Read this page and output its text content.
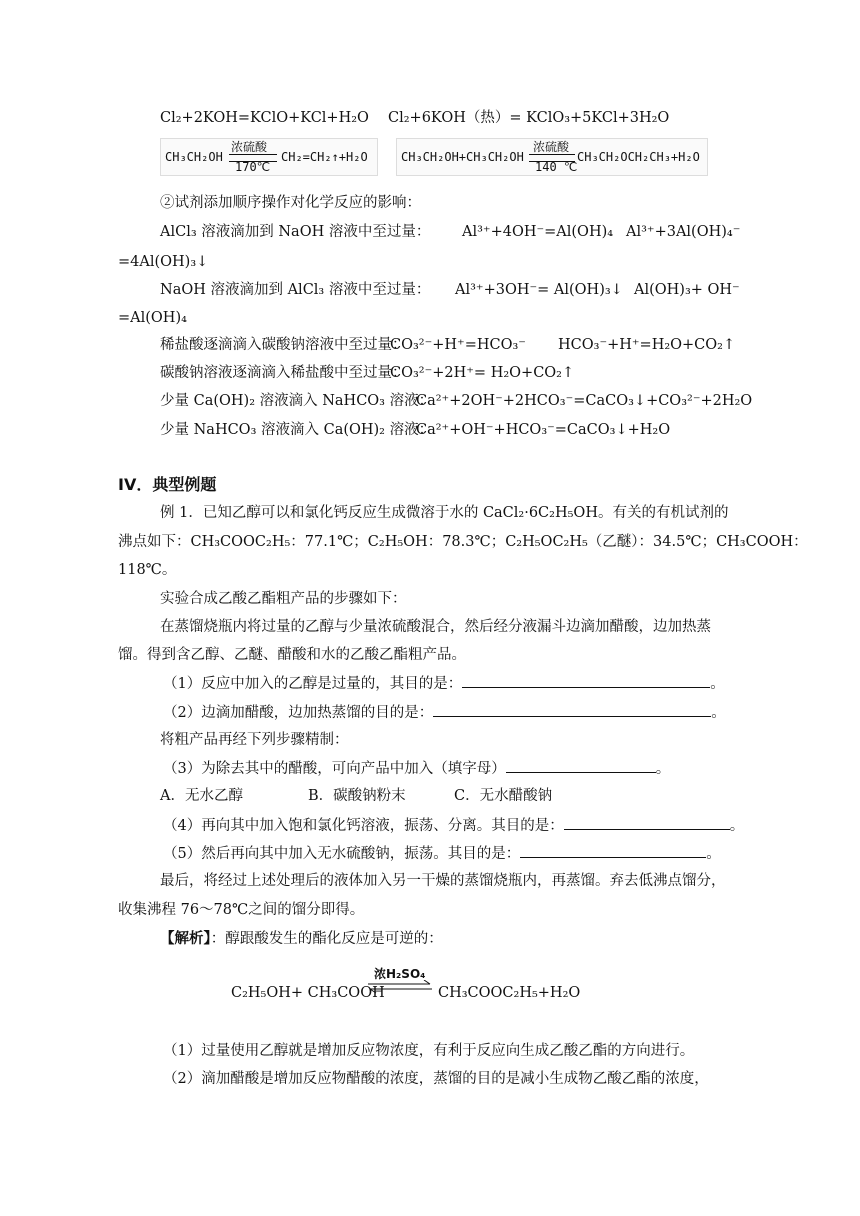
Cl₂+2KOH=KClO+KCl+H₂O Cl₂+6KOH（热）= KClO₃+5KCl+3H₂O
CH₃CH₂OH
浓硫酸
170℃
CH₂=CH₂↑+H₂O	CH₃CH₂OH+CH₃CH₂OH
浓硫酸
140 ℃
CH₃CH₂OCH₂CH₃+H₂O
②试剂添加顺序操作对化学反应的影响：
AlCl₃ 溶液滴加到 NaOH 溶液中至过量： Al³⁺+4OH⁻=Al(OH)₄ Al³⁺+3Al(OH)₄⁻
=4Al(OH)₃↓
NaOH 溶液滴加到 AlCl₃ 溶液中至过量： Al³⁺+3OH⁻= Al(OH)₃↓ Al(OH)₃+ OH⁻
=Al(OH)₄
稀盐酸逐滴滴入碳酸钠溶液中至过量：
CO₃²⁻+H⁺=HCO₃⁻ HCO₃⁻+H⁺=H₂O+CO₂↑
碳酸钠溶液逐滴滴入稀盐酸中至过量：
CO₃²⁻+2H⁺= H₂O+CO₂↑
少量 Ca(OH)₂ 溶液滴入 NaHCO₃ 溶液：
Ca²⁺+2OH⁻+2HCO₃⁻=CaCO₃↓+CO₃²⁻+2H₂O
少量 NaHCO₃ 溶液滴入 Ca(OH)₂ 溶液：
Ca²⁺+OH⁻+HCO₃⁻=CaCO₃↓+H₂O
IV．典型例题
例 1．已知乙醇可以和氯化钙反应生成微溶于水的 CaCl₂·6C₂H₅OH。有关的有机试剂的
沸点如下：CH₃COOC₂H₅：77.1℃；C₂H₅OH：78.3℃；C₂H₅OC₂H₅（乙醚）：34.5℃；CH₃COOH：
118℃。
实验合成乙酸乙酯粗产品的步骤如下：
在蒸馏烧瓶内将过量的乙醇与少量浓硫酸混合，然后经分液漏斗边滴加醋酸，边加热蒸
馏。得到含乙醇、乙醚、醋酸和水的乙酸乙酯粗产品。
（1）反应中加入的乙醇是过量的，其目的是：	。
（2）边滴加醋酸，边加热蒸馏的目的是：	。
将粗产品再经下列步骤精制：
（3）为除去其中的醋酸，可向产品中加入（填字母）	。
A．无水乙醇	B．碳酸钠粉末	C．无水醋酸钠
（4）再向其中加入饱和氯化钙溶液，振荡、分离。其目的是：	。
（5）然后再向其中加入无水硫酸钠，振荡。其目的是：	。
最后，将经过上述处理后的液体加入另一干燥的蒸馏烧瓶内，再蒸馏。弃去低沸点馏分，
收集沸程 76～78℃之间的馏分即得。
【解析】：醇跟酸发生的酯化反应是可逆的：
C₂H₅OH+ CH₃COOH
浓H₂SO₄
CH₃COOC₂H₅+H₂O
（1）过量使用乙醇就是增加反应物浓度，有利于反应向生成乙酸乙酯的方向进行。
（2）滴加醋酸是增加反应物醋酸的浓度，蒸馏的目的是减小生成物乙酸乙酯的浓度，
